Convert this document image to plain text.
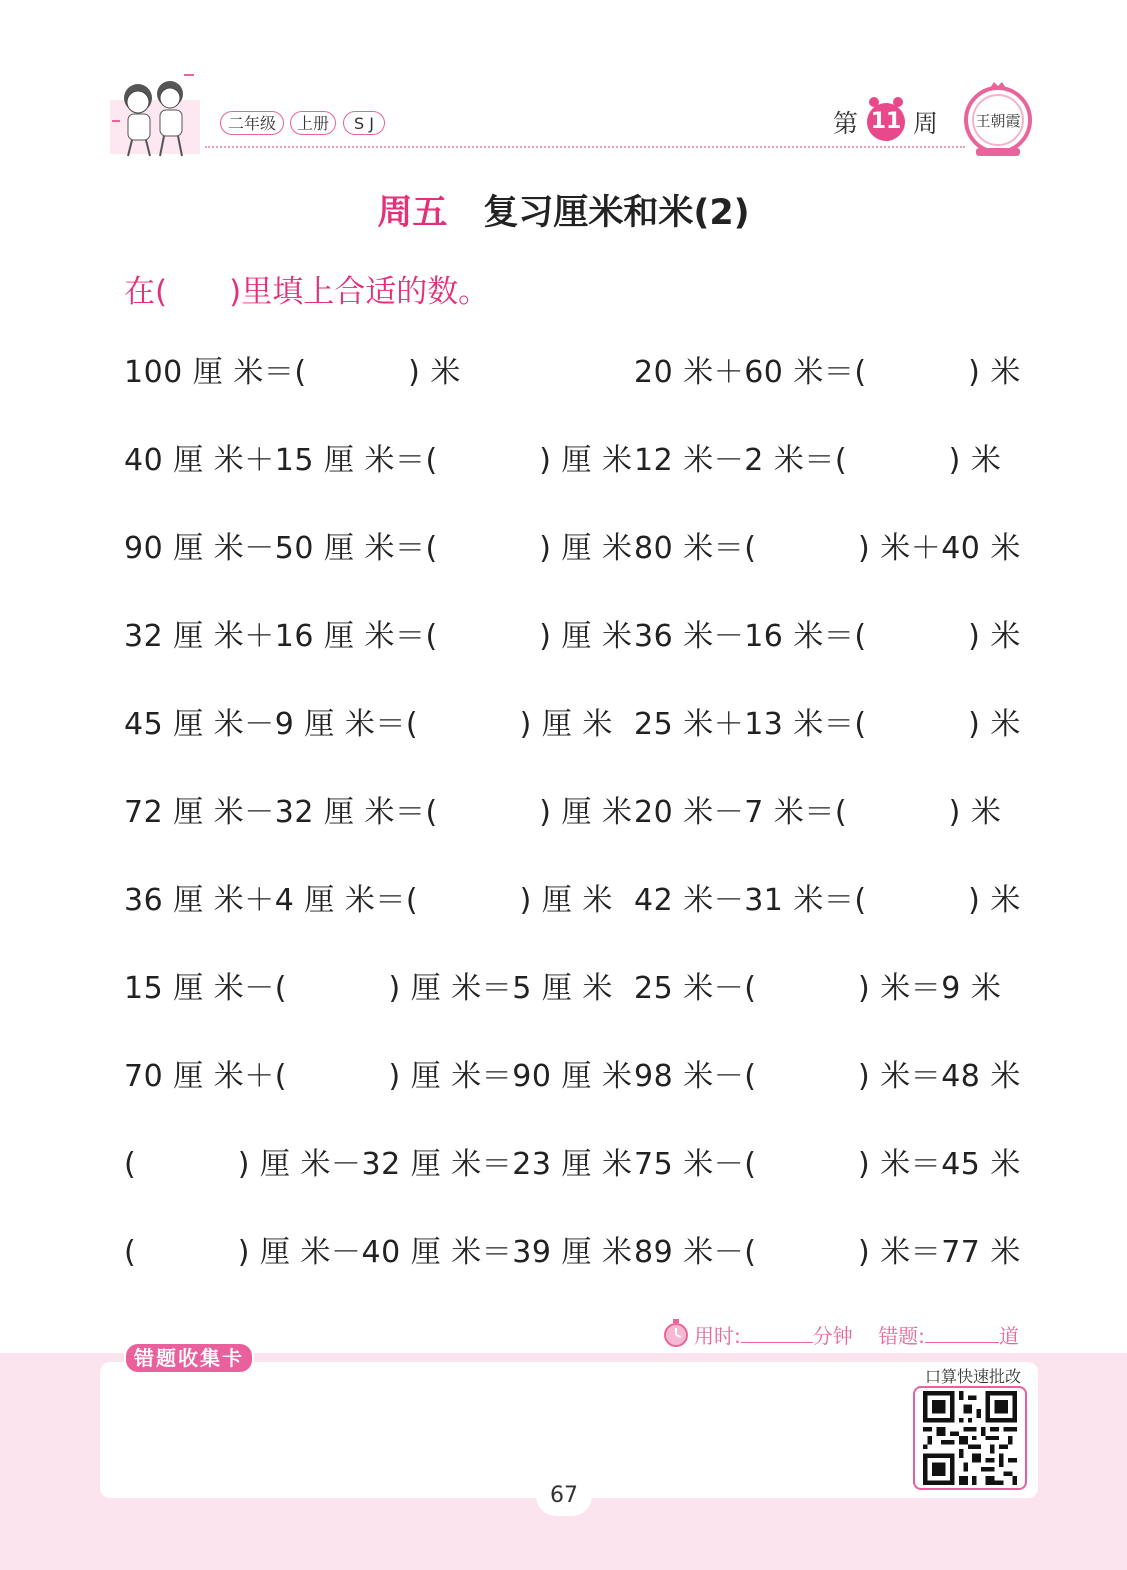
二年级	上册	S J	第 11 周 王朝霞
周五 复习厘米和米(2)
在(　　)里填上合适的数。
100 厘 米＝(　　　 ) 米	20 米＋60 米＝(　　　 ) 米
40 厘 米＋15 厘 米＝(　　　 ) 厘 米 12 米－2 米＝(　　　 ) 米
90 厘 米－50 厘 米＝(　　　 ) 厘 米 80 米＝(　　　 ) 米＋40 米
32 厘 米＋16 厘 米＝(　　　 ) 厘 米 36 米－16 米＝(　　　 ) 米
45 厘 米－9 厘 米＝(　　　 ) 厘 米 25 米＋13 米＝(　　　 ) 米
72 厘 米－32 厘 米＝(　　　 ) 厘 米 20 米－7 米＝(　　　 ) 米
36 厘 米＋4 厘 米＝(　　　 ) 厘 米 42 米－31 米＝(　　　 ) 米
15 厘 米－(　　　 ) 厘 米＝5 厘 米 25 米－(　　　 ) 米＝9 米
70 厘 米＋(　　　 ) 厘 米＝90 厘 米 98 米－(　　　 ) 米＝48 米
(　　　 ) 厘 米－32 厘 米＝23 厘 米 75 米－(　　　 ) 米＝45 米
(　　　 ) 厘 米－40 厘 米＝39 厘 米 89 米－(　　　 ) 米＝77 米
用时:	分钟 错题:	道
错题收集卡
口算快速批改
67
